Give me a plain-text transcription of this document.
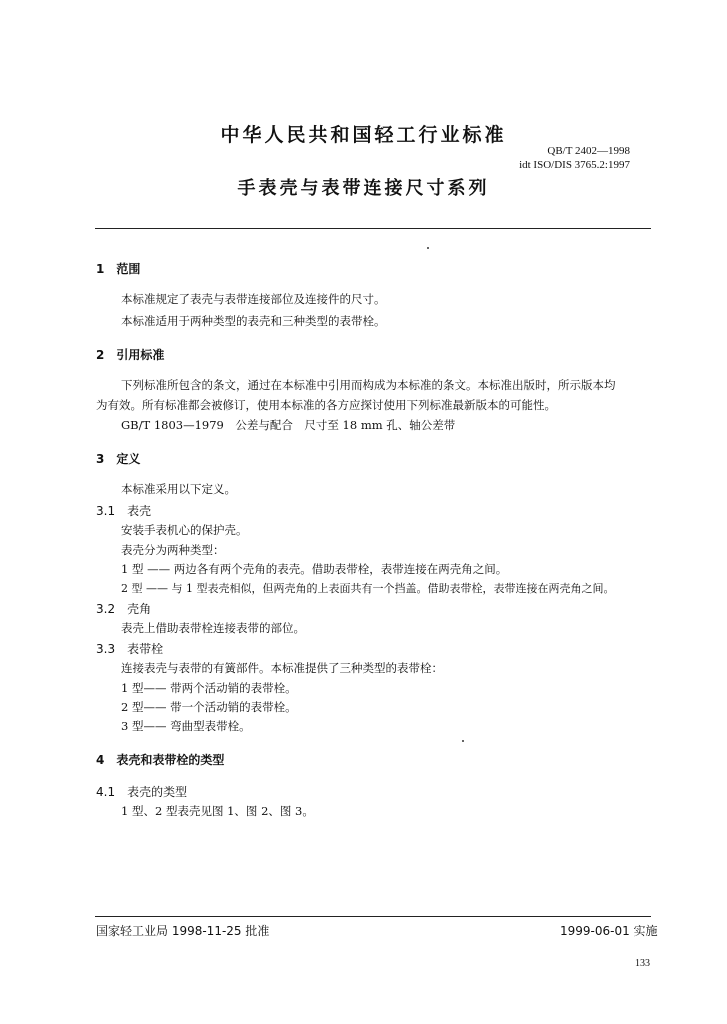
中华人民共和国轻工行业标准
QB/T 2402—1998
idt ISO/DIS 3765.2:1997
手表壳与表带连接尺寸系列
1　范围
本标准规定了表壳与表带连接部位及连接件的尺寸。
本标准适用于两种类型的表壳和三种类型的表带栓。
2　引用标准
下列标准所包含的条文，通过在本标准中引用而构成为本标准的条文。本标准出版时，所示版本均
为有效。所有标准都会被修订，使用本标准的各方应探讨使用下列标准最新版本的可能性。
GB/T 1803—1979　公差与配合　尺寸至 18 mm 孔、轴公差带
3　定义
本标准采用以下定义。
3.1　表壳
安装手表机心的保护壳。
表壳分为两种类型：
1 型 —— 两边各有两个壳角的表壳。借助表带栓，表带连接在两壳角之间。
2 型 —— 与 1 型表壳相似，但两壳角的上表面共有一个挡盖。借助表带栓，表带连接在两壳角之间。
3.2　壳角
表壳上借助表带栓连接表带的部位。
3.3　表带栓
连接表壳与表带的有簧部件。本标准提供了三种类型的表带栓：
1 型—— 带两个活动销的表带栓。
2 型—— 带一个活动销的表带栓。
3 型—— 弯曲型表带栓。
4　表壳和表带栓的类型
4.1　表壳的类型
1 型、2 型表壳见图 1、图 2、图 3。
国家轻工业局 1998-11-25 批准	1999-06-01 实施
133
